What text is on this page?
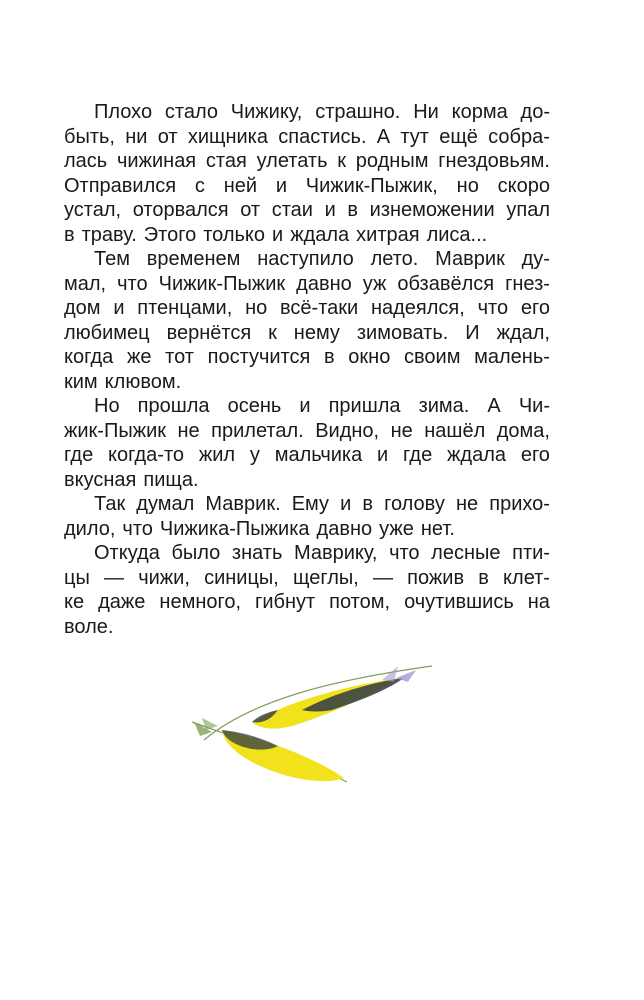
Плохо стало Чижику, страшно. Ни корма до-
быть, ни от хищника спастись. А тут ещё собра-
лась чижиная стая улетать к родным гнездовьям.
Отправился с ней и Чижик-Пыжик, но скоро
устал, оторвался от стаи и в изнеможении упал
в траву. Этого только и ждала хитрая лиса...
Тем временем наступило лето. Маврик ду-
мал, что Чижик-Пыжик давно уж обзавёлся гнез-
дом и птенцами, но всё-таки надеялся, что его
любимец вернётся к нему зимовать. И ждал,
когда же тот постучится в окно своим малень-
ким клювом.
Но прошла осень и пришла зима. А Чи-
жик-Пыжик не прилетал. Видно, не нашёл дома,
где когда-то жил у мальчика и где ждала его
вкусная пища.
Так думал Маврик. Ему и в голову не прихо-
дило, что Чижика-Пыжика давно уже нет.
Откуда было знать Маврику, что лесные пти-
цы — чижи, синицы, щеглы, — пожив в клет-
ке даже немного, гибнут потом, очутившись на
воле.
